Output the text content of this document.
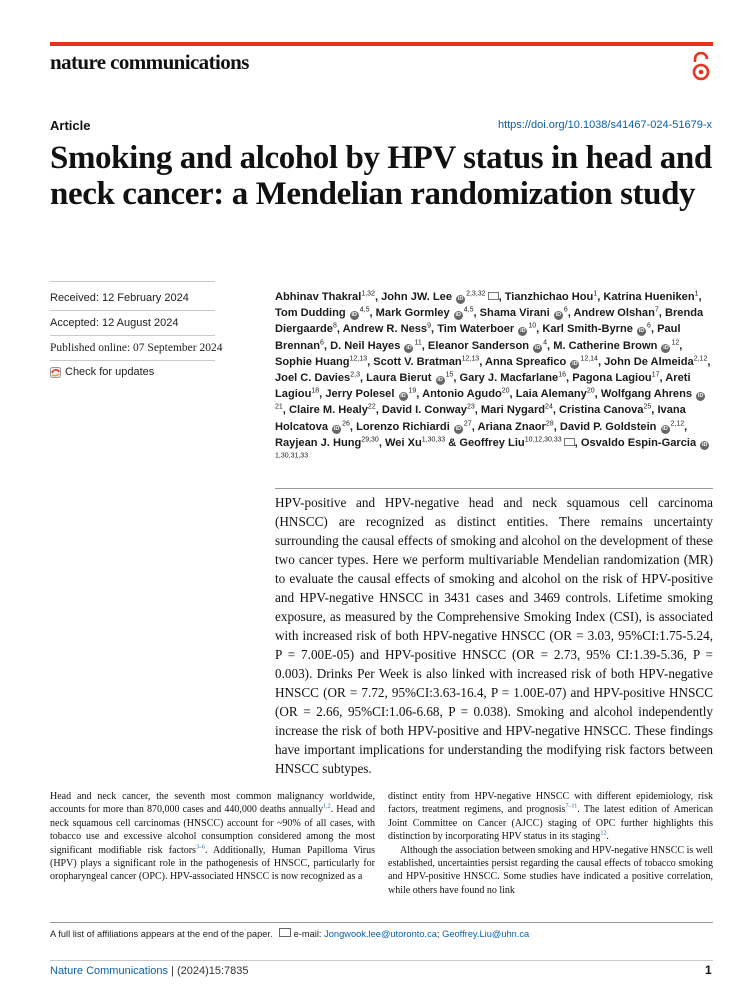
nature communications
Article	https://doi.org/10.1038/s41467-024-51679-x
Smoking and alcohol by HPV status in head and neck cancer: a Mendelian randomization study
Received: 12 February 2024
Accepted: 12 August 2024
Published online: 07 September 2024
Check for updates
Abhinav Thakral$^{1,32}$, John JW. Lee iD$^{2,3,32}$ , Tianzhichao Hou$^1$, Katrina Hueniken$^1$, Tom Dudding iD$^{4,5}$, Mark Gormley iD$^{4,5}$, Shama Virani $iD^6$, Andrew Olshan$^7$, Brenda Diergaarde$^8$, Andrew R. Ness$^9$, Tim Waterboer $iD^{10}$, Karl Smith-Byrne $iD^6$, Paul Brennan$^6$, D. Neil Hayes $iD^{11}$, Eleanor Sanderson $iD^4$, M. Catherine Brown $iD^{12}$, Sophie Huang$^{12,13}$, Scott V. Bratman$^{12,13}$, Anna Spreafico iD$^{12,14}$, John De Almeida$^{2,12}$, Joel C. Davies$^{2,3}$, Laura Bierut $iD^{15}$, Gary J. Macfarlane$^{16}$, Pagona Lagiou$^{17}$, Areti Lagiou$^{18}$, Jerry Polesel $iD^{19}$, Antonio Agudo$^{20}$, Laia Alemany$^{20}$, Wolfgang Ahrens $iD^{21}$, Claire M. Healy$^{22}$, David I. Conway$^{23}$, Mari Nygard$^{24}$, Cristina Canova$^{25}$, Ivana Holcatova $iD^{26}$, Lorenzo Richiardi $iD^{27}$, Ariana Znaor$^{28}$, David P. Goldstein iD$^{2,12}$, Rayjean J. Hung$^{29,30}$, Wei Xu$^{1,30,33}$ & Geoffrey Liu$^{10,12,30,33}$ , Osvaldo Espin-Garcia iD$^{1,30,31,33}$
HPV-positive and HPV-negative head and neck squamous cell carcinoma (HNSCC) are recognized as distinct entities. There remains uncertainty surrounding the causal effects of smoking and alcohol on the development of these two cancer types. Here we perform multivariable Mendelian randomization (MR) to evaluate the causal effects of smoking and alcohol on the risk of HPV-positive and HPV-negative HNSCC in 3431 cases and 3469 controls. Lifetime smoking exposure, as measured by the Comprehensive Smoking Index (CSI), is associated with increased risk of both HPV-negative HNSCC (OR = 3.03, 95%CI:1.75-5.24, P = 7.00E-05) and HPV-positive HNSCC (OR = 2.73, 95% CI:1.39-5.36, P = 0.003). Drinks Per Week is also linked with increased risk of both HPV-negative HNSCC (OR = 7.72, 95%CI:3.63-16.4, P = 1.00E-07) and HPV-positive HNSCC (OR = 2.66, 95%CI:1.06-6.68, P = 0.038). Smoking and alcohol independently increase the risk of both HPV-positive and HPV-negative HNSCC. These findings have important implications for understanding the modifying risk factors between HNSCC subtypes.
Head and neck cancer, the seventh most common malignancy worldwide, accounts for more than 870,000 cases and 440,000 deaths annually$^{1,2}$. Head and neck squamous cell carcinomas (HNSCC) account for ~90% of all cases, with tobacco use and excessive alcohol consumption considered among the most significant modifiable risk factors$^{3-6}$. Additionally, Human Papilloma Virus (HPV) plays a significant role in the pathogenesis of HNSCC, particularly for oropharyngeal cancer (OPC). HPV-associated HNSCC is now recognized as a
distinct entity from HPV-negative HNSCC with different epidemiology, risk factors, treatment regimens, and prognosis$^{7-11}$. The latest edition of American Joint Committee on Cancer (AJCC) staging of OPC further highlights this distinction by incorporating HPV status in its staging$^{12}$.
Although the association between smoking and HPV-negative HNSCC is well established, uncertainties persist regarding the causal effects of tobacco smoking and HPV-positive HNSCC. Some studies have indicated a positive correlation, while others have found no link
A full list of affiliations appears at the end of the paper. e-mail: Jongwook.lee@utoronto.ca; Geoffrey.Liu@uhn.ca
Nature Communications | (2024)15:7835	1
